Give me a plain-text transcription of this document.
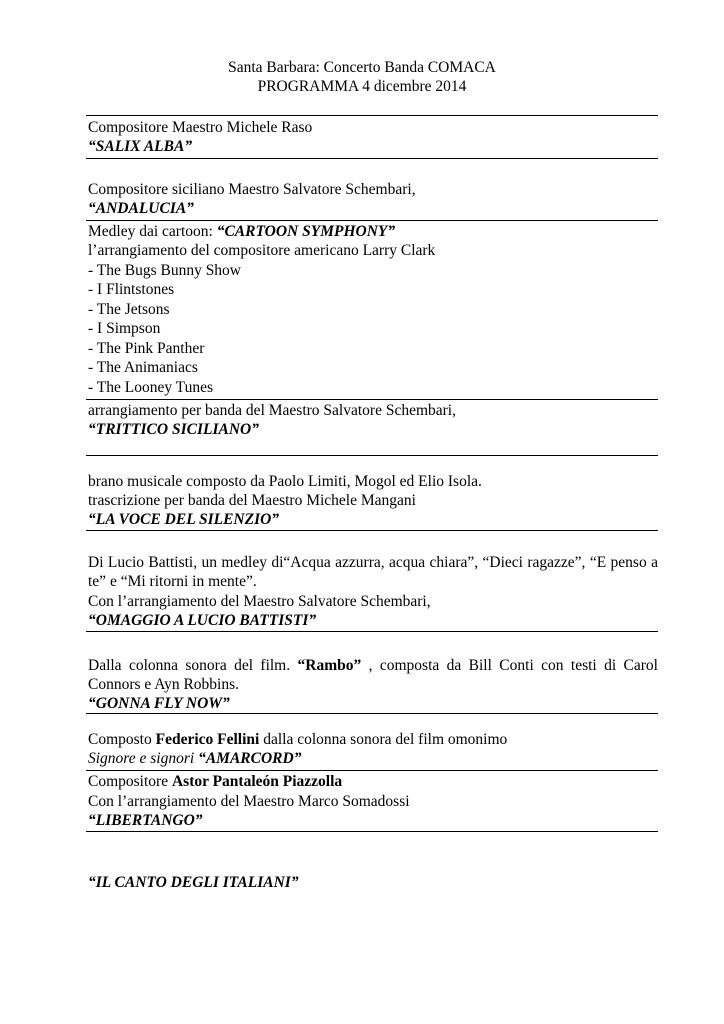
Santa Barbara: Concerto Banda COMACA
PROGRAMMA 4 dicembre 2014
Compositore Maestro Michele Raso
“SALIX ALBA”
Compositore siciliano Maestro Salvatore Schembari,
“ANDALUCIA”
Medley dai cartoon: “CARTOON SYMPHONY”
l’arrangiamento del compositore americano Larry Clark
- The Bugs Bunny Show
- I Flintstones
- The Jetsons
- I Simpson
- The Pink Panther
- The Animaniacs
- The Looney Tunes
arrangiamento per banda del Maestro Salvatore Schembari,
“TRITTICO SICILIANO”
brano musicale composto da Paolo Limiti, Mogol ed Elio Isola.
trascrizione per banda del Maestro Michele Mangani
“LA VOCE DEL SILENZIO”
Di Lucio Battisti, un medley di“Acqua azzurra, acqua chiara”, “Dieci ragazze”, “E penso a te” e “Mi ritorni in mente”.
Con l’arrangiamento del Maestro Salvatore Schembari,
“OMAGGIO A LUCIO BATTISTI”
Dalla colonna sonora del film. “Rambo” , composta da Bill Conti con testi di Carol Connors e Ayn Robbins.
“GONNA FLY NOW”
Composto Federico Fellini dalla colonna sonora del film omonimo
Signore e signori “AMARCORD”
Compositore Astor Pantaleón Piazzolla
Con l’arrangiamento del Maestro Marco Somadossi
“LIBERTANGO”
“IL CANTO DEGLI ITALIANI”
